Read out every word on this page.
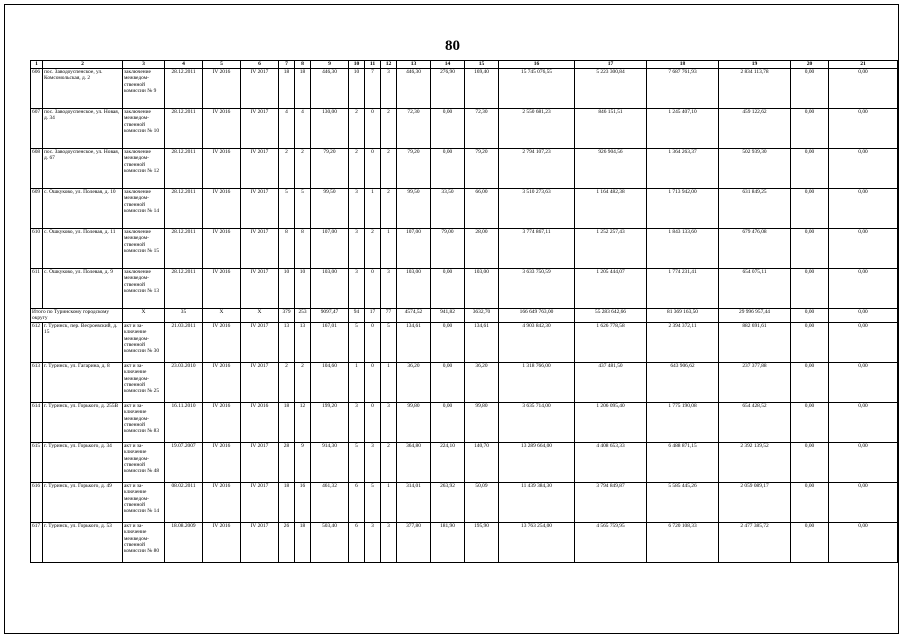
80
1	2	3	4	5	6	7	8	9	10	11	12	13	14	15	16	17	18	19	20	21
606	пос. Заводоуспенское, ул. Комсомольская, д. 2	заключение межведом-ственной комиссии № 9	28.12.2011	IV 2016	IV 2017	18	18	446,30	10	7	3	446,30	276,90	169,40	15 745 076,55	5 223 300,84	7 687 761,93	2 834 113,78	0,00	0,00
607	пос. Заводоуспенское, ул. Новая, д. 34	заключение межведом-ственной комиссии № 10	28.12.2011	IV 2016	IV 2017	4	4	130,00	2	0	2	72,30	0,00	72,30	2 550 681,23	846 151,51	1 245 407,10	459 122,62	0,00	0,00
608	пос. Заводоуспенское, ул. Новая, д. 67	заключение межведом-ственной комиссии № 12	28.12.2011	IV 2016	IV 2017	2	2	79,20	2	0	2	79,20	0,00	79,20	2 794 107,23	926 904,56	1 364 263,37	502 939,30	0,00	0,00
609	с. Ошкуково, ул. Полевая, д. 10	заключение межведом-ственной комиссии № 14	28.12.2011	IV 2016	IV 2017	5	5	99,50	3	1	2	99,50	33,50	66,00	3 510 273,63	1 164 482,38	1 713 942,00	631 849,25	0,00	0,00
610	с. Ошкуково, ул. Полевая, д. 11	заключение межведом-ственной комиссии № 15	28.12.2011	IV 2016	IV 2017	8	8	107,00	3	2	1	107,00	79,00	28,00	3 774 867,11	1 252 257,43	1 843 133,60	679 476,08	0,00	0,00
611	с. Ошкуково, ул. Полевая, д. 9	заключение межведом-ственной комиссии № 13	28.12.2011	IV 2016	IV 2017	10	10	103,00	3	0	3	103,00	0,00	103,00	3 633 750,59	1 205 444,07	1 774 231,41	654 075,11	0,00	0,00
Итого по Туринскому городскому округу		X	35	X	X	379	253	9097,47	94	17	77	4574,52	941,82	3632,70	166 649 763,00	55 283 642,66	81 369 163,50	29 996 957,44	0,00	0,00
612	г. Туринск, пер. Весроевский, д. 15	акт и за-ключение межведом-ственной комиссии № 30	21.03.2011	IV 2016	IV 2017	13	13	167,01	5	0	5	134,61	0,00	134,61	4 903 842,30	1 626 778,58	2 394 372,11	882 691,61	0,00	0,00
613	г. Туринск, ул. Гагарина, д. 8	акт и за-ключение межведом-ственной комиссии № 25	23.03.2010	IV 2016	IV 2017	2	2	104,60	1	0	1	36,20	0,00	36,20	1 318 766,00	437 481,50	643 906,62	237 377,88	0,00	0,00
614	г. Туринск, ул. Горького, д. 255В	акт и за-ключение межведом-ственной комиссии № 83	16.11.2010	IV 2016	IV 2016	18	12	199,20	3	0	3	99,80	0,00	99,80	3 635 714,00	1 206 095,40	1 775 190,08	654 428,52	0,00	0,00
615	г. Туринск, ул. Горького, д. 34	акт и за-ключение межведом-ственной комиссии № 48	19.07.2007	IV 2016	IV 2017	28	9	914,30	5	3	2	364,80	224,10	140,70	13 289 664,00	4 408 653,33	6 488 871,15	2 392 139,52	0,00	0,00
616	г. Туринск, ул. Горького, д. 49	акт и за-ключение межведом-ственной комиссии № 14	08.02.2011	IV 2016	IV 2017	18	16	461,32	6	5	1	314,01	263,92	50,09	11 439 384,30	3 794 849,87	5 585 445,26	2 059 089,17	0,00	0,00
617	г. Туринск, ул. Горького, д. 53	акт и за-ключение межведом-ственной комиссии № 80	18.08.2009	IV 2016	IV 2017	26	18	503,40	6	3	3	377,80	181,90	195,90	13 763 254,00	4 565 759,95	6 720 108,33	2 477 385,72	0,00	0,00
